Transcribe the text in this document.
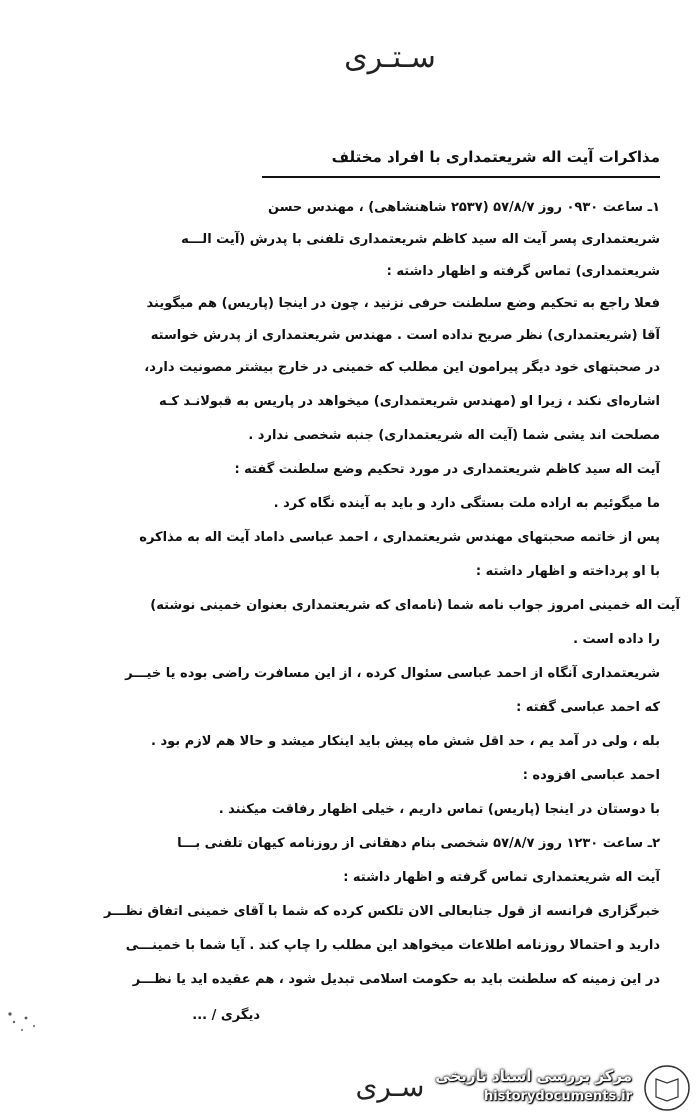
سـتـری
مذاکرات آیت اله شریعتمداری با افراد مختلف
۱ـ ساعت ۰۹۳۰ روز ۵۷/۸/۷ (۲۵۳۷ شاهنشاهی) ، مهندس حسن
شریعتمداری پسر آیت اله سید کاظم شریعتمداری تلفنی با پدرش (آیت الـــه
شریعتمداری) تماس گرفته و اظهار داشته :
فعلا راجع به تحکیم وضع سلطنت حرفی نزنید ، چون در اینجا (پاریس) هم میگویند
آقا (شریعتمداری) نظر صریح نداده است . مهندس شریعتمداری از پدرش خواسته
در صحبتهای خود دیگر پیرامون این مطلب که خمینی در خارج بیشتر مصونیت دارد،
اشاره‌ای نکند ، زیرا او (مهندس شریعتمداری) میخواهد در پاریس به قبولانـد کـه
مصلحت اند یشی شما (آیت اله شریعتمداری) جنبه شخصی ندارد .
آیت اله سید کاظم شریعتمداری در مورد تحکیم وضع سلطنت گفته :
ما میگوئیم به اراده ملت بستگی دارد و باید به آینده نگاه کرد .
پس از خاتمه صحبتهای مهندس شریعتمداری ، احمد عباسی داماد آیت اله به مذاکره
با او پرداخته و اظهار داشته :
آیت اله خمینی امروز جواب نامه شما (نامه‌ای که شریعتمداری بعنوان خمینی نوشته)
را داده است .
شریعتمداری آنگاه از احمد عباسی سئوال کرده ، از این مسافرت راضی بوده یا خیـــر
که احمد عباسی گفته :
بله ، ولی در آمد یم ، حد اقل شش ماه پیش باید اینکار میشد و حالا هم لازم بود .
احمد عباسی افزوده :
با دوستان در اینجا (پاریس) تماس داریم ، خیلی اظهار رفاقت میکنند .
۲ـ ساعت ۱۲۳۰ روز ۵۷/۸/۷ شخصی بنام دهقانی از روزنامه کیهان تلفنی بـــا
آیت اله شریعتمداری تماس گرفته و اظهار داشته :
خبرگزاری فرانسه از قول جنابعالی الان تلکس کرده که شما با آقای خمینی اتفاق نظـــر
دارید و احتمالا روزنامه اطلاعات میخواهد این مطلب را چاپ کند . آیا شما با خمینـــی
در این زمینه که سلطنت باید به حکومت اسلامی تبدیل شود ، هم عقیده اید یا نظـــر
دیگری / ...
سـری مرکز بررسی اسناد تاریخی
historydocuments.ir
